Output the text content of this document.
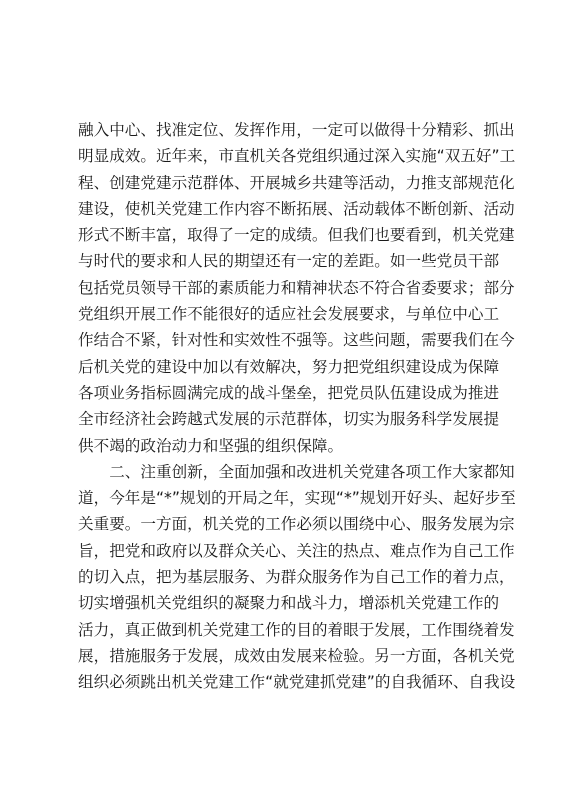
融入中心、找准定位、发挥作用，一定可以做得十分精彩、抓出
明显成效。近年来，市直机关各党组织通过深入实施“双五好”工
程、创建党建示范群体、开展城乡共建等活动，力推支部规范化
建设，使机关党建工作内容不断拓展、活动载体不断创新、活动
形式不断丰富，取得了一定的成绩。但我们也要看到，机关党建
与时代的要求和人民的期望还有一定的差距。如一些党员干部
包括党员领导干部的素质能力和精神状态不符合省委要求；部分
党组织开展工作不能很好的适应社会发展要求，与单位中心工
作结合不紧，针对性和实效性不强等。这些问题，需要我们在今
后机关党的建设中加以有效解决，努力把党组织建设成为保障
各项业务指标圆满完成的战斗堡垒，把党员队伍建设成为推进
全市经济社会跨越式发展的示范群体，切实为服务科学发展提
供不竭的政治动力和坚强的组织保障。
　　二、注重创新，全面加强和改进机关党建各项工作大家都知
道，今年是“*”规划的开局之年，实现“*”规划开好头、起好步至
关重要。一方面，机关党的工作必须以围绕中心、服务发展为宗
旨，把党和政府以及群众关心、关注的热点、难点作为自己工作
的切入点，把为基层服务、为群众服务作为自己工作的着力点，
切实增强机关党组织的凝聚力和战斗力，增添机关党建工作的
活力，真正做到机关党建工作的目的着眼于发展，工作围绕着发
展，措施服务于发展，成效由发展来检验。另一方面，各机关党
组织必须跳出机关党建工作“就党建抓党建”的自我循环、自我设
